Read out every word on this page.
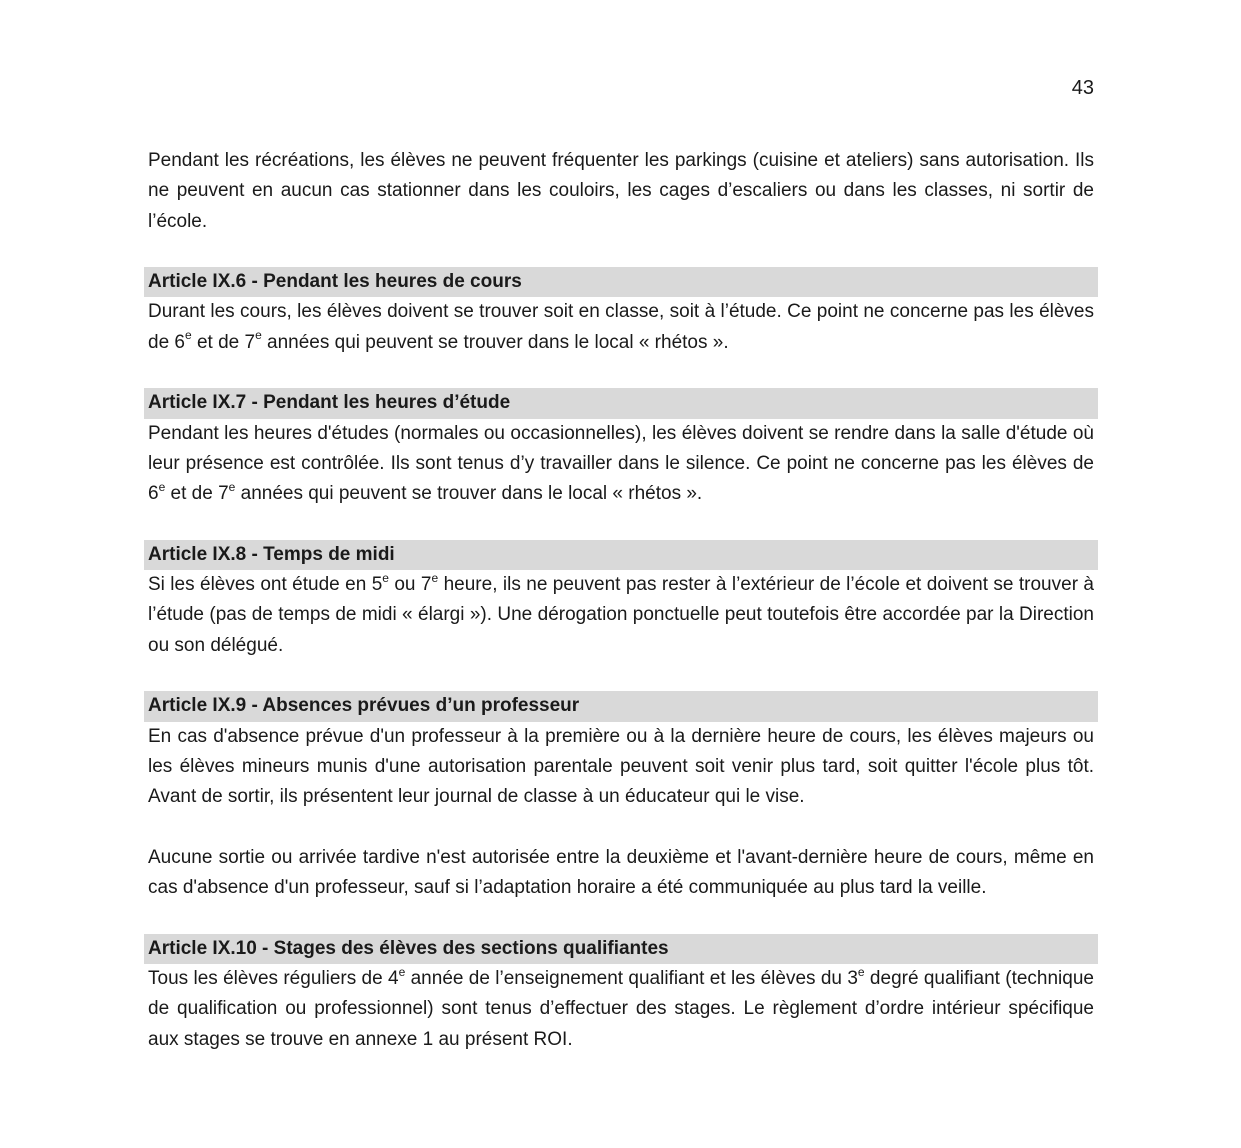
43

Pendant les récréations, les élèves ne peuvent fréquenter les parkings (cuisine et ateliers) sans autorisation. Ils ne peuvent en aucun cas stationner dans les couloirs, les cages d’escaliers ou dans les classes, ni sortir de l’école.

Article IX.6 - Pendant les heures de cours

Durant les cours, les élèves doivent se trouver soit en classe, soit à l’étude. Ce point ne concerne pas les élèves de 6e et de 7e années qui peuvent se trouver dans le local « rhétos ».

Article IX.7 - Pendant les heures d’étude

Pendant les heures d'études (normales ou occasionnelles), les élèves doivent se rendre dans la salle d'étude où leur présence est contrôlée. Ils sont tenus d’y travailler dans le silence. Ce point ne concerne pas les élèves de 6e et de 7e années qui peuvent se trouver dans le local « rhétos ».

Article IX.8 - Temps de midi

Si les élèves ont étude en 5e ou 7e heure, ils ne peuvent pas rester à l’extérieur de l’école et doivent se trouver à l’étude (pas de temps de midi « élargi »). Une dérogation ponctuelle peut toutefois être accordée par la Direction ou son délégué.

Article IX.9 - Absences prévues d’un professeur

En cas d'absence prévue d'un professeur à la première ou à la dernière heure de cours, les élèves majeurs ou les élèves mineurs munis d'une autorisation parentale peuvent soit venir plus tard, soit quitter l'école plus tôt. Avant de sortir, ils présentent leur journal de classe à un éducateur qui le vise.

Aucune sortie ou arrivée tardive n'est autorisée entre la deuxième et l'avant-dernière heure de cours, même en cas d'absence d'un professeur, sauf si l’adaptation horaire a été communiquée au plus tard la veille.

Article IX.10 - Stages des élèves des sections qualifiantes

Tous les élèves réguliers de 4e année de l’enseignement qualifiant et les élèves du 3e degré qualifiant (technique de qualification ou professionnel) sont tenus d’effectuer des stages. Le règlement d’ordre intérieur spécifique aux stages se trouve en annexe 1 au présent ROI.
